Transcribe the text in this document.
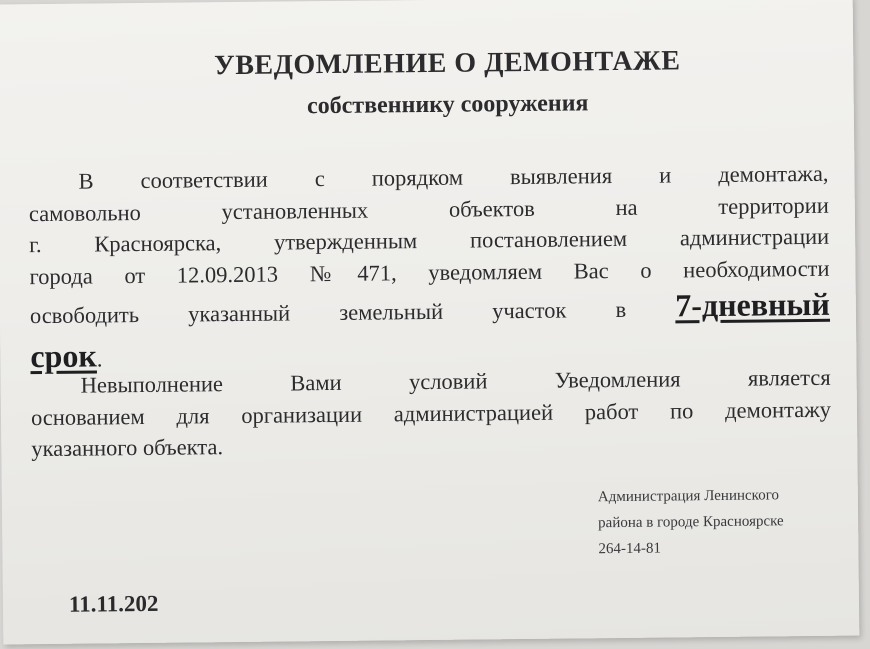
УВЕДОМЛЕНИЕ О ДЕМОНТАЖЕ
собственнику сооружения
В соответствии с порядком выявления и демонтажа,
самовольно установленных объектов на территории
г. Красноярска, утвержденным постановлением администрации
города от 12.09.2013 №471, уведомляем Вас о необходимости
освободить указанный земельный участок в 7-дневный
срок.
Невыполнение Вами условий Уведомления является
основанием для организации администрацией работ по демонтажу
указанного объекта.
Администрация Ленинского
района в городе Красноярске
264-14-81
11.11.202
